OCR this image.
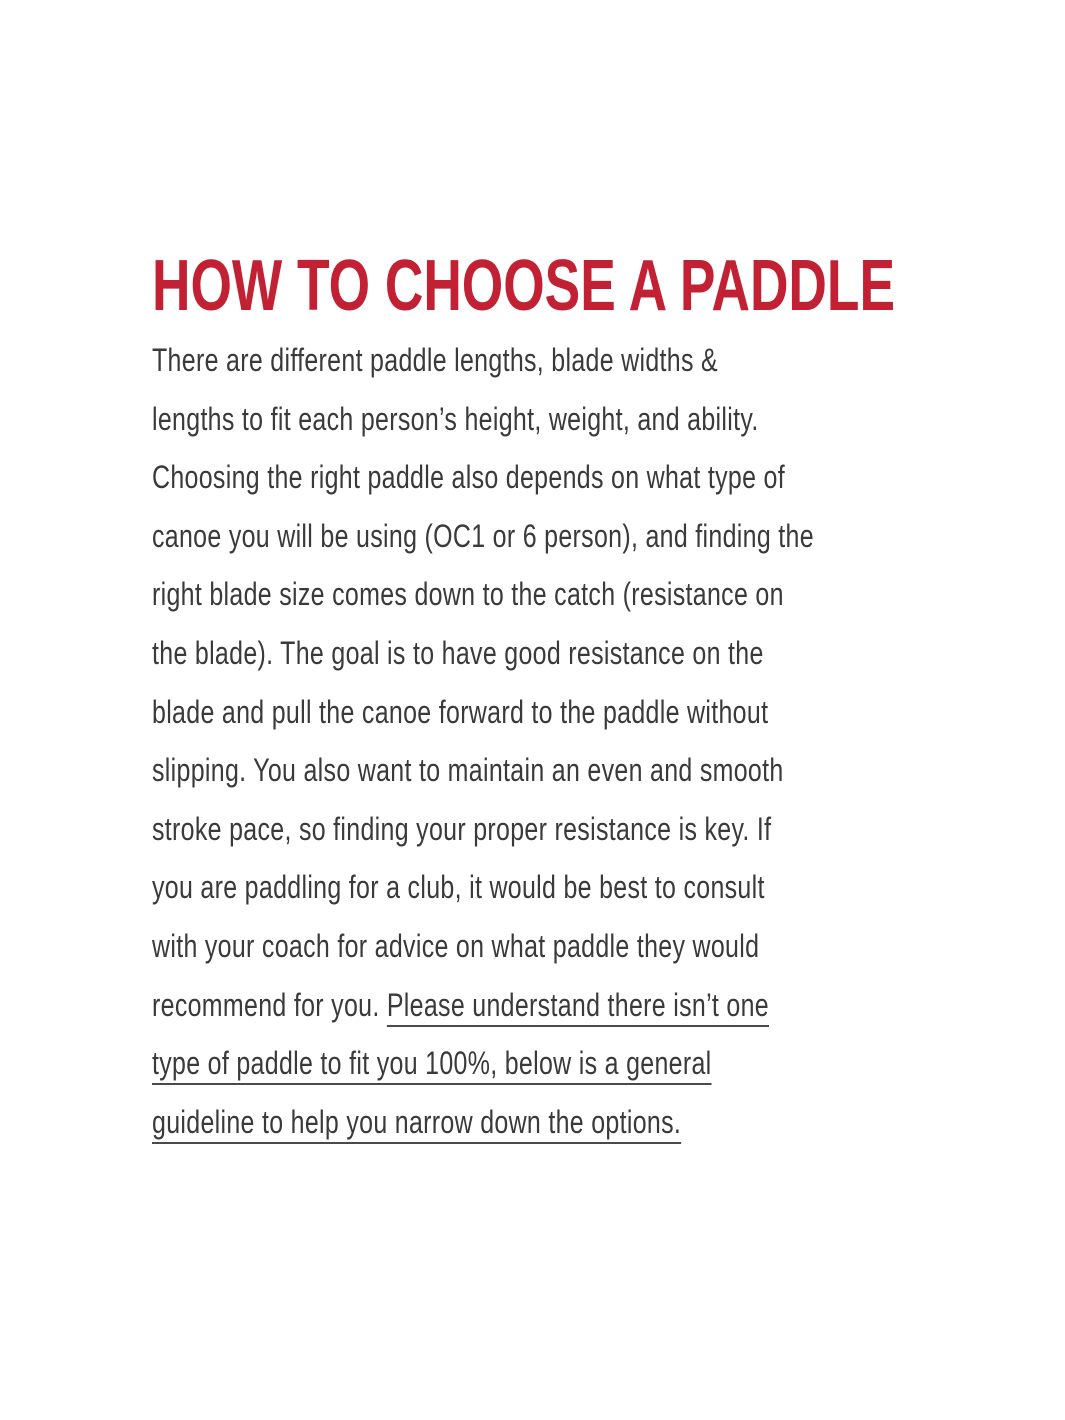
HOW TO CHOOSE A PADDLE
There are different paddle lengths, blade widths &
lengths to fit each person’s height, weight, and ability.
Choosing the right paddle also depends on what type of
canoe you will be using (OC1 or 6 person), and finding the
right blade size comes down to the catch (resistance on
the blade). The goal is to have good resistance on the
blade and pull the canoe forward to the paddle without
slipping. You also want to maintain an even and smooth
stroke pace, so finding your proper resistance is key. If
you are paddling for a club, it would be best to consult
with your coach for advice on what paddle they would
recommend for you. Please understand there isn’t one
type of paddle to fit you 100%, below is a general
guideline to help you narrow down the options.
